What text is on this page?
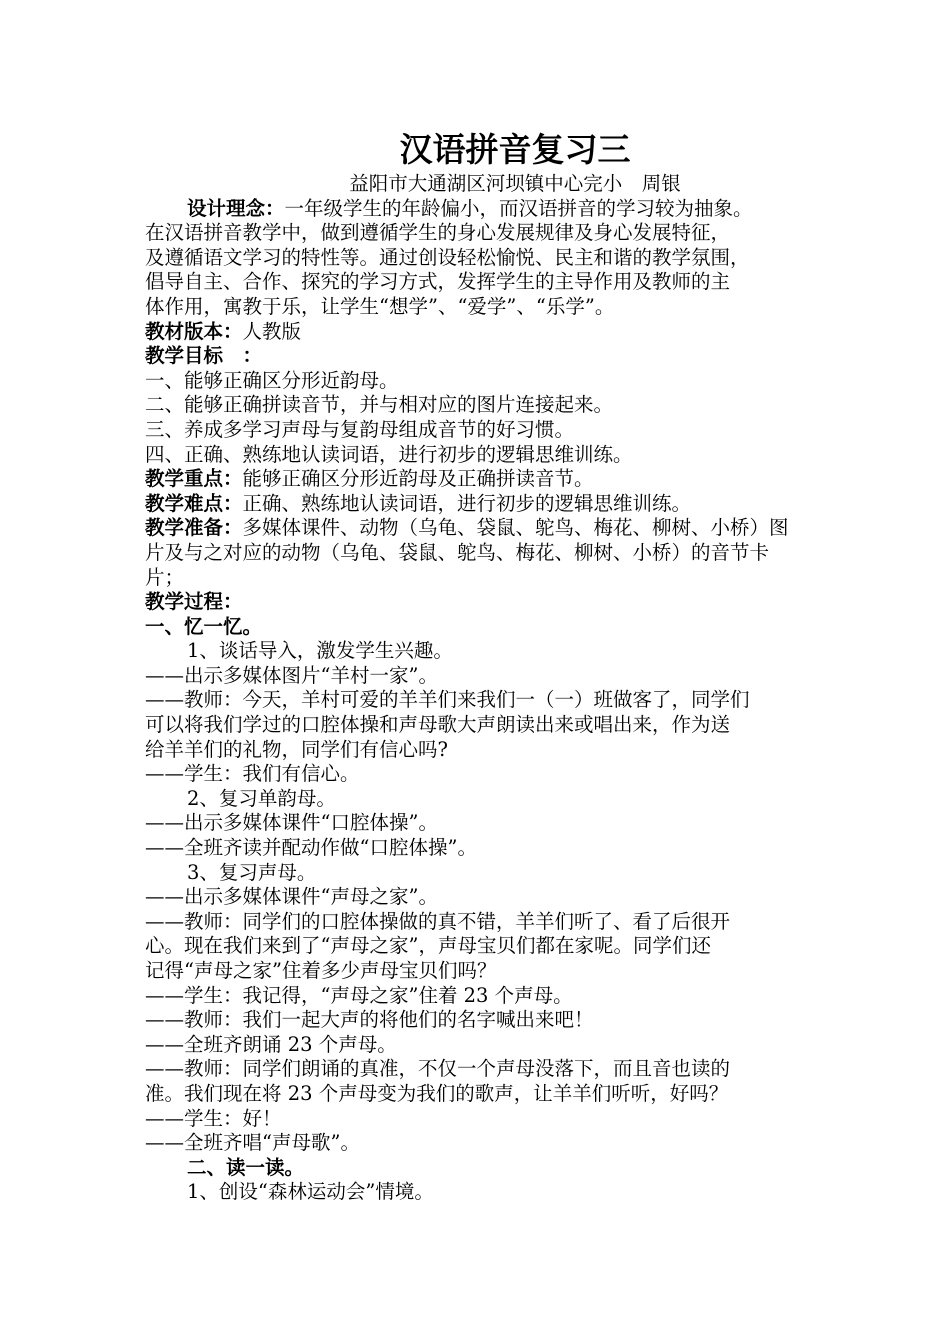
汉语拼音复习三

益阳市大通湖区河坝镇中心完小　周银

设计理念：一年级学生的年龄偏小，而汉语拼音的学习较为抽象。

在汉语拼音教学中，做到遵循学生的身心发展规律及身心发展特征，

及遵循语文学习的特性等。通过创设轻松愉悦、民主和谐的教学氛围，

倡导自主、合作、探究的学习方式，发挥学生的主导作用及教师的主

体作用，寓教于乐，让学生“想学”、“爱学”、“乐学”。

教材版本：人教版

教学目标　：

一、能够正确区分形近韵母。

二、能够正确拼读音节，并与相对应的图片连接起来。

三、养成多学习声母与复韵母组成音节的好习惯。

四、正确、熟练地认读词语，进行初步的逻辑思维训练。

教学重点：能够正确区分形近韵母及正确拼读音节。

教学难点：正确、熟练地认读词语，进行初步的逻辑思维训练。

教学准备：多媒体课件、动物（乌龟、袋鼠、鸵鸟、梅花、柳树、小桥）图

片及与之对应的动物（乌龟、袋鼠、鸵鸟、梅花、柳树、小桥）的音节卡

片；

教学过程：

一、忆一忆。

1、谈话导入，激发学生兴趣。

——出示多媒体图片“羊村一家”。

——教师：今天，羊村可爱的羊羊们来我们一（一）班做客了，同学们

可以将我们学过的口腔体操和声母歌大声朗读出来或唱出来，作为送

给羊羊们的礼物，同学们有信心吗?

——学生：我们有信心。

2、复习单韵母。

——出示多媒体课件“口腔体操”。

——全班齐读并配动作做“口腔体操”。

3、复习声母。

——出示多媒体课件“声母之家”。

——教师：同学们的口腔体操做的真不错，羊羊们听了、看了后很开

心。现在我们来到了“声母之家”，声母宝贝们都在家呢。同学们还

记得“声母之家”住着多少声母宝贝们吗？

——学生：我记得，“声母之家”住着 23 个声母。

——教师：我们一起大声的将他们的名字喊出来吧！

——全班齐朗诵 23 个声母。

——教师：同学们朗诵的真准，不仅一个声母没落下，而且音也读的

准。我们现在将 23 个声母变为我们的歌声，让羊羊们听听，好吗？

——学生：好！

——全班齐唱“声母歌”。

二、读一读。

1、创设“森林运动会”情境。
